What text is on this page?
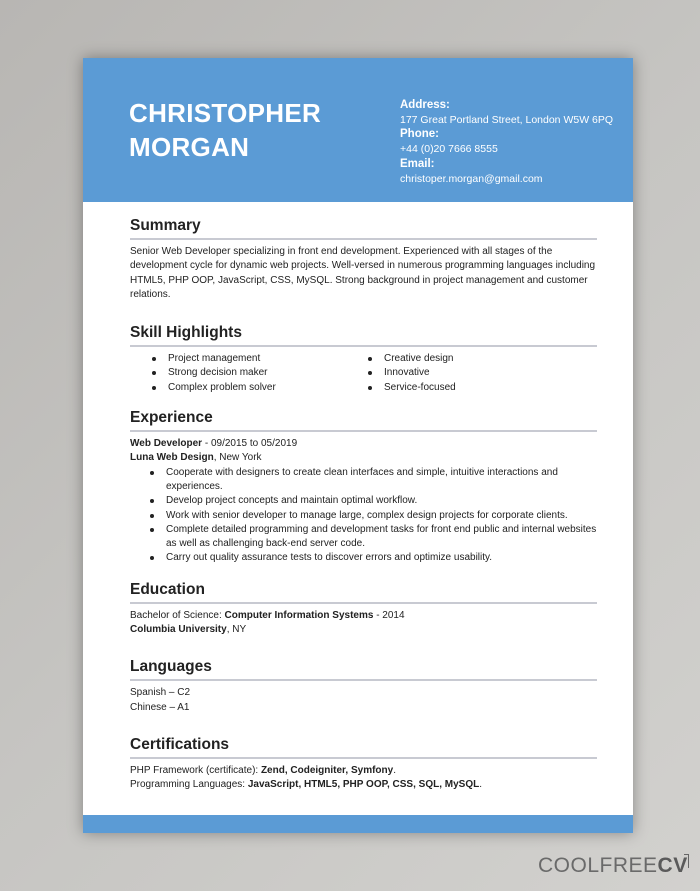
CHRISTOPHER
MORGAN
Address:
177 Great Portland Street, London W5W 6PQ
Phone:
+44 (0)20 7666 8555
Email:
christoper.morgan@gmail.com
Summary
Senior Web Developer specializing in front end development. Experienced with all stages of the development cycle for dynamic web projects. Well-versed in numerous programming languages including HTML5, PHP OOP, JavaScript, CSS, MySQL. Strong background in project management and customer relations.
Skill Highlights
Project management
Strong decision maker
Complex problem solver
Creative design
Innovative
Service-focused
Experience
Web Developer - 09/2015 to 05/2019
Luna Web Design, New York
Cooperate with designers to create clean interfaces and simple, intuitive interactions and experiences.
Develop project concepts and maintain optimal workflow.
Work with senior developer to manage large, complex design projects for corporate clients.
Complete detailed programming and development tasks for front end public and internal websites as well as challenging back-end server code.
Carry out quality assurance tests to discover errors and optimize usability.
Education
Bachelor of Science: Computer Information Systems - 2014
Columbia University, NY
Languages
Spanish – C2
Chinese – A1
Certifications
PHP Framework (certificate): Zend, Codeigniter, Symfony.
Programming Languages: JavaScript, HTML5, PHP OOP, CSS, SQL, MySQL.
COOLFREECV
